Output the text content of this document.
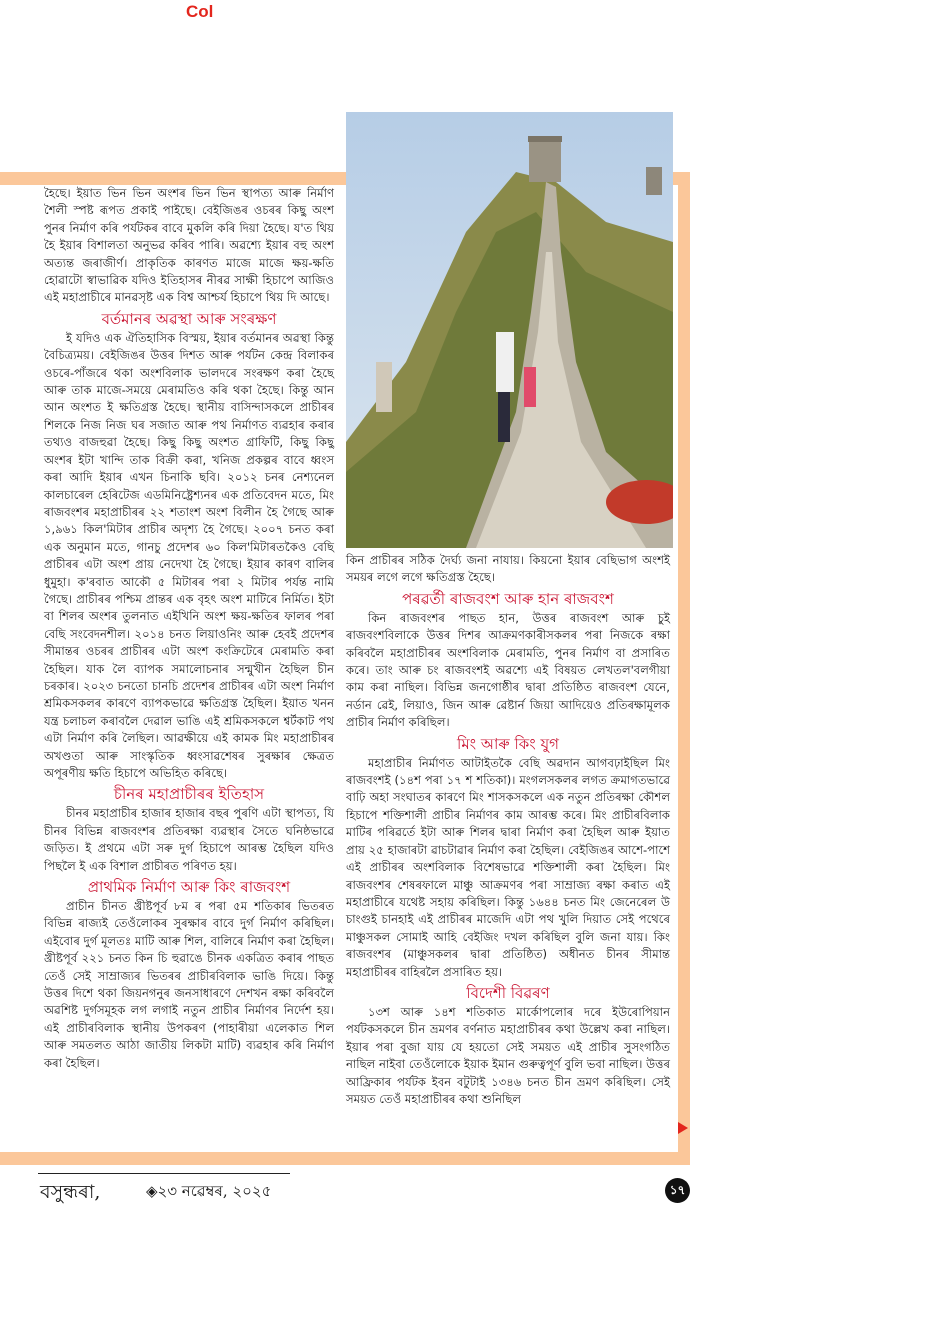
Col

হৈছে। ইয়াত ভিন ভিন অংশৰ ভিন ভিন স্থাপত্য আৰু নিৰ্মাণ শৈলী স্পষ্ট ৰূপত প্ৰকাই পাইছে। বেইজিঙৰ ওচৰৰ কিছু অংশ পুনৰ নিৰ্মাণ কৰি পৰ্যটকৰ বাবে মুকলি কৰি দিয়া হৈছে। য'ত থিয় হৈ ইয়াৰ বিশালতা অনুভৱ কৰিব পাৰি। অৱশ্যে ইয়াৰ বহু অংশ অত্যন্ত জৰাজীৰ্ণ। প্ৰাকৃতিক কাৰণত মাজে মাজে ক্ষয়-ক্ষতি হোৱাটো স্বাভাৱিক যদিও ইতিহাসৰ নীৰৱ সাক্ষী হিচাপে আজিও এই মহাপ্ৰাচীৰে মানৱসৃষ্ট এক বিশ্ব আশ্চৰ্য হিচাপে থিয় দি আছে।

বৰ্তমানৰ অৱস্থা আৰু সংৰক্ষণ

ই যদিও এক ঐতিহাসিক বিস্ময়, ইয়াৰ বৰ্তমানৰ অৱস্থা কিন্তু বৈচিত্ৰ্যময়। বেইজিঙৰ উত্তৰ দিশত আৰু পৰ্যটন কেন্দ্ৰ বিলাকৰ ওচৰে-পাঁজৰে থকা অংশবিলাক ভালদৰে সংৰক্ষণ কৰা হৈছে আৰু তাক মাজে-সময়ে মেৰামতিও কৰি থকা হৈছে। কিন্তু আন আন অংশত ই ক্ষতিগ্ৰস্ত হৈছে। স্থানীয় বাসিন্দাসকলে প্ৰাচীৰৰ শিলকে নিজ নিজ ঘৰ সজাত আৰু পথ নিৰ্মাণত ব্যৱহাৰ কৰাৰ তথ্যও বাজহুৱা হৈছে। কিছু কিছু অংশত গ্ৰাফিটি, কিছু কিছু অংশৰ ইটা খান্দি তাক বিক্ৰী কৰা, খনিজ প্ৰকল্পৰ বাবে ধ্বংস কৰা আদি ইয়াৰ এখন চিনাকি ছবি। ২০১২ চনৰ নেশ্যনেল কালচাৰেল হেৰিটেজ এডমিনিষ্ট্ৰেশ্যনৰ এক প্ৰতিবেদন মতে, মিং ৰাজবংশৰ মহাপ্ৰাচীৰৰ ২২ শতাংশ অংশ বিলীন হৈ গৈছে আৰু ১,৯৬১ কিল'মিটাৰ প্ৰাচীৰ অদৃশ্য হৈ গৈছে। ২০০৭ চনত কৰা এক অনুমান মতে, গানচু প্ৰদেশৰ ৬০ কিল'মিটাৰতকৈও বেছি প্ৰাচীৰৰ এটা অংশ প্ৰায় নেদেখা হৈ গৈছে। ইয়াৰ কাৰণ বালিৰ ধুমুহা। ক'ৰবাত আকৌ ৫ মিটাৰৰ পৰা ২ মিটাৰ পৰ্যন্ত নামি গৈছে। প্ৰাচীৰৰ পশ্চিম প্ৰান্তৰ এক বৃহৎ অংশ মাটিৰে নিৰ্মিত। ইটা বা শিলৰ অংশৰ তুলনাত এইখিনি অংশ ক্ষয়-ক্ষতিৰ ফালৰ পৰা বেছি সংবেদনশীল। ২০১৪ চনত লিয়াওনিং আৰু হেবই প্ৰদেশৰ সীমান্তৰ ওচৰৰ প্ৰাচীৰৰ এটা অংশ কংক্ৰিটেৰে মেৰামতি কৰা হৈছিল। যাক লৈ ব্যাপক সমালোচনাৰ সন্মুখীন হৈছিল চীন চৰকাৰ। ২০২৩ চনতো চানচি প্ৰদেশৰ প্ৰাচীৰৰ এটা অংশ নিৰ্মাণ শ্ৰমিকসকলৰ কাৰণে ব্যাপকভাৱে ক্ষতিগ্ৰস্ত হৈছিল। ইয়াত খনন যন্ত্ৰ চলাচল কৰাবলৈ দেৱাল ভাঙি এই শ্ৰমিকসকলে শ্বৰ্টকাট পথ এটা নিৰ্মাণ কৰি লৈছিল। আৱক্ষীয়ে এই কামক মিং মহাপ্ৰাচীৰৰ অখণ্ডতা আৰু সাংস্কৃতিক ধ্বংসাৱশেষৰ সুৰক্ষাৰ ক্ষেত্ৰত অপূৰণীয় ক্ষতি হিচাপে অভিহিত কৰিছে।

চীনৰ মহাপ্ৰাচীৰৰ ইতিহাস

চীনৰ মহাপ্ৰাচীৰ হাজাৰ হাজাৰ বছৰ পুৰণি এটা স্থাপত্য, যি চীনৰ বিভিন্ন ৰাজবংশৰ প্ৰতিৰক্ষা ব্যৱস্থাৰ সৈতে ঘনিষ্ঠভাৱে জড়িত। ই প্ৰথমে এটা সৰু দুৰ্গ হিচাপে আৰম্ভ হৈছিল যদিও পিছলৈ ই এক বিশাল প্ৰাচীৰত পৰিণত হয়।

প্ৰাথমিক নিৰ্মাণ আৰু কিং ৰাজবংশ

প্ৰাচীন চীনত খ্ৰীষ্টপূৰ্ব ৮ম ৰ পৰা ৫ম শতিকাৰ ভিতৰত বিভিন্ন ৰাজ্যই তেওঁলোকৰ সুৰক্ষাৰ বাবে দুৰ্গ নিৰ্মাণ কৰিছিল। এইবোৰ দুৰ্গ মূলতঃ মাটি আৰু শিল, বালিৰে নিৰ্মাণ কৰা হৈছিল। খ্ৰীষ্টপূৰ্ব ২২১ চনত কিন চি হুৱাঙে চীনক একত্ৰিত কৰাৰ পাছত তেওঁ সেই সাম্ৰাজ্যৰ ভিতৰৰ প্ৰাচীৰবিলাক ভাঙি দিয়ে। কিন্তু উত্তৰ দিশে থকা জিয়নগনুৰ জনসাধাৰণে দেশখন ৰক্ষা কৰিবলৈ অৱশিষ্ট দুৰ্গসমূহক লগ লগাই নতুন প্ৰাচীৰ নিৰ্মাণৰ নিৰ্দেশ হয়। এই প্ৰাচীৰবিলাক স্থানীয় উপকৰণ (পাহাৰীয়া এলেকাত শিল আৰু সমতলত আঠা জাতীয় লিকটা মাটি) ব্যৱহাৰ কৰি নিৰ্মাণ কৰা হৈছিল।

কিন প্ৰাচীৰৰ সঠিক দৈৰ্ঘ্য জনা নাযায়। কিয়নো ইয়াৰ বেছিভাগ অংশই সময়ৰ লগে লগে ক্ষতিগ্ৰস্ত হৈছে।

পৰৱৰ্তী ৰাজবংশ আৰু হান ৰাজবংশ

কিন ৰাজবংশৰ পাছত হান, উত্তৰ ৰাজবংশ আৰু চুই ৰাজবংশবিলাকে উত্তৰ দিশৰ আক্ৰমণকাৰীসকলৰ পৰা নিজকে ৰক্ষা কৰিবলৈ মহাপ্ৰাচীৰৰ অংশবিলাক মেৰামতি, পুনৰ নিৰ্মাণ বা প্ৰসাৰিত কৰে। তাং আৰু চং ৰাজবংশই অৱশ্যে এই বিষয়ত লেখতল'বলগীয়া কাম কৰা নাছিল। বিভিন্ন জনগোষ্ঠীৰ দ্বাৰা প্ৰতিষ্ঠিত ৰাজবংশ যেনে, নৰ্ডান ৱেই, লিয়াও, জিন আৰু ৱেষ্টাৰ্ন জিয়া আদিয়েও প্ৰতিৰক্ষামূলক প্ৰাচীৰ নিৰ্মাণ কৰিছিল।

মিং আৰু কিং যুগ

মহাপ্ৰাচীৰ নিৰ্মাণত আটাইতকৈ বেছি অৱদান আগবঢ়াইছিল মিং ৰাজবংশই (১৪শ পৰা ১৭ শ শতিকা)। মংগলসকলৰ লগত ক্ৰমাগতভাৱে বাঢ়ি অহা সংঘাতৰ কাৰণে মিং শাসকসকলে এক নতুন প্ৰতিৰক্ষা কৌশল হিচাপে শক্তিশালী প্ৰাচীৰ নিৰ্মাণৰ কাম আৰম্ভ কৰে। মিং প্ৰাচীৰবিলাক মাটিৰ পৰিৱৰ্তে ইটা আৰু শিলৰ দ্বাৰা নিৰ্মাণ কৰা হৈছিল আৰু ইয়াত প্ৰায় ২৫ হাজাৰটা ৱাচটাৱাৰ নিৰ্মাণ কৰা হৈছিল। বেইজিঙৰ আশে-পাশে এই প্ৰাচীৰৰ অংশবিলাক বিশেষভাৱে শক্তিশালী কৰা হৈছিল। মিং ৰাজবংশৰ শেষৰফালে মাঞ্চু আক্ৰমণৰ পৰা সাম্ৰাজ্য ৰক্ষা কৰাত এই মহাপ্ৰাচীৰে যথেষ্ট সহায় কৰিছিল। কিন্তু ১৬৪৪ চনত মিং জেনেৰেল উ চাংগুই চানহাই এই প্ৰাচীৰৰ মাজেদি এটা পথ খুলি দিয়াত সেই পথেৰে মাঞ্চুসকল সোমাই আহি বেইজিং দখল কৰিছিল বুলি জনা যায়। কিং ৰাজবংশৰ (মাঞ্চুসকলৰ দ্বাৰা প্ৰতিষ্ঠিত) অধীনত চীনৰ সীমান্ত মহাপ্ৰাচীৰৰ বাহিৰলৈ প্ৰসাৰিত হয়।

বিদেশী বিৱৰণ

১৩শ আৰু ১৪শ শতিকাত মাৰ্কোপলোৰ দৰে ইউৰোপিয়ান পৰ্যটকসকলে চীন ভ্ৰমণৰ বৰ্ণনাত মহাপ্ৰাচীৰৰ কথা উল্লেখ কৰা নাছিল। ইয়াৰ পৰা বুজা যায় যে হয়তো সেই সময়ত এই প্ৰাচীৰ সুসংগঠিত নাছিল নাইবা তেওঁলোকে ইয়াক ইমান গুৰুত্বপূৰ্ণ বুলি ভবা নাছিল। উত্তৰ আফ্ৰিকাৰ পৰ্যটক ইবন বটুটাই ১৩৪৬ চনত চীন ভ্ৰমণ কৰিছিল। সেই সময়ত তেওঁ মহাপ্ৰাচীৰৰ কথা শুনিছিল

বসুন্ধৰা,	◈২৩ নৱেম্বৰ, ২০২৫	১৭
